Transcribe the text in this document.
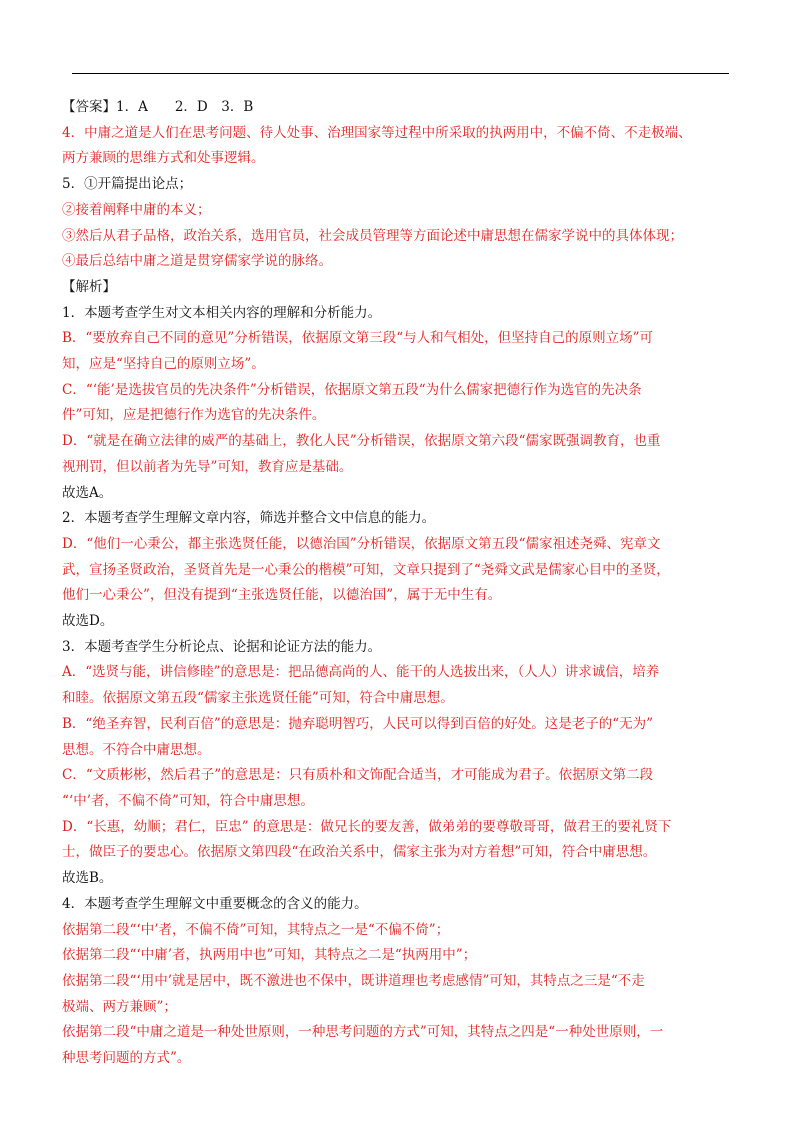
【答案】1．A　　2．D　3．B
4．中庸之道是人们在思考问题、待人处事、治理国家等过程中所采取的执两用中，不偏不倚、不走极端、
两方兼顾的思维方式和处事逻辑。
5．①开篇提出论点；
②接着阐释中庸的本义；
③然后从君子品格，政治关系，选用官员，社会成员管理等方面论述中庸思想在儒家学说中的具体体现；
④最后总结中庸之道是贯穿儒家学说的脉络。
【解析】
1．本题考查学生对文本相关内容的理解和分析能力。
B．“要放弃自己不同的意见”分析错误，依据原文第三段“与人和气相处，但坚持自己的原则立场”可
知，应是“坚持自己的原则立场”。
C．“‘能’是选拔官员的先决条件”分析错误，依据原文第五段“为什么儒家把德行作为选官的先决条
件”可知，应是把德行作为选官的先决条件。
D．“就是在确立法律的威严的基础上，教化人民”分析错误，依据原文第六段“儒家既强调教育，也重
视刑罚，但以前者为先导”可知，教育应是基础。
故选A。
2．本题考查学生理解文章内容，筛选并整合文中信息的能力。
D．“他们一心秉公，都主张选贤任能，以德治国”分析错误，依据原文第五段“儒家祖述尧舜、宪章文
武，宣扬圣贤政治，圣贤首先是一心秉公的楷模”可知，文章只提到了“尧舜文武是儒家心目中的圣贤，
他们一心秉公”，但没有提到“主张选贤任能，以德治国”，属于无中生有。
故选D。
3．本题考查学生分析论点、论据和论证方法的能力。
A．“选贤与能，讲信修睦”的意思是：把品德高尚的人、能干的人选拔出来，（人人）讲求诚信，培养
和睦。依据原文第五段“儒家主张选贤任能”可知，符合中庸思想。
B．“绝圣弃智，民利百倍”的意思是：抛弃聪明智巧，人民可以得到百倍的好处。这是老子的“无为”
思想。不符合中庸思想。
C．“文质彬彬，然后君子”的意思是：只有质朴和文饰配合适当，才可能成为君子。依据原文第二段
“‘中’者，不偏不倚”可知，符合中庸思想。
D．“长惠，幼顺；君仁，臣忠” 的意思是：做兄长的要友善，做弟弟的要尊敬哥哥，做君王的要礼贤下
士，做臣子的要忠心。依据原文第四段“在政治关系中，儒家主张为对方着想”可知，符合中庸思想。
故选B。
4．本题考查学生理解文中重要概念的含义的能力。
依据第二段“‘中’者，不偏不倚”可知，其特点之一是“不偏不倚”；
依据第二段“‘中庸’者，执两用中也”可知，其特点之二是“执两用中”；
依据第二段“‘用中’就是居中，既不激进也不保中，既讲道理也考虑感情”可知，其特点之三是“不走
极端、两方兼顾”；
依据第二段“中庸之道是一种处世原则，一种思考问题的方式”可知，其特点之四是“一种处世原则，一
种思考问题的方式”。
